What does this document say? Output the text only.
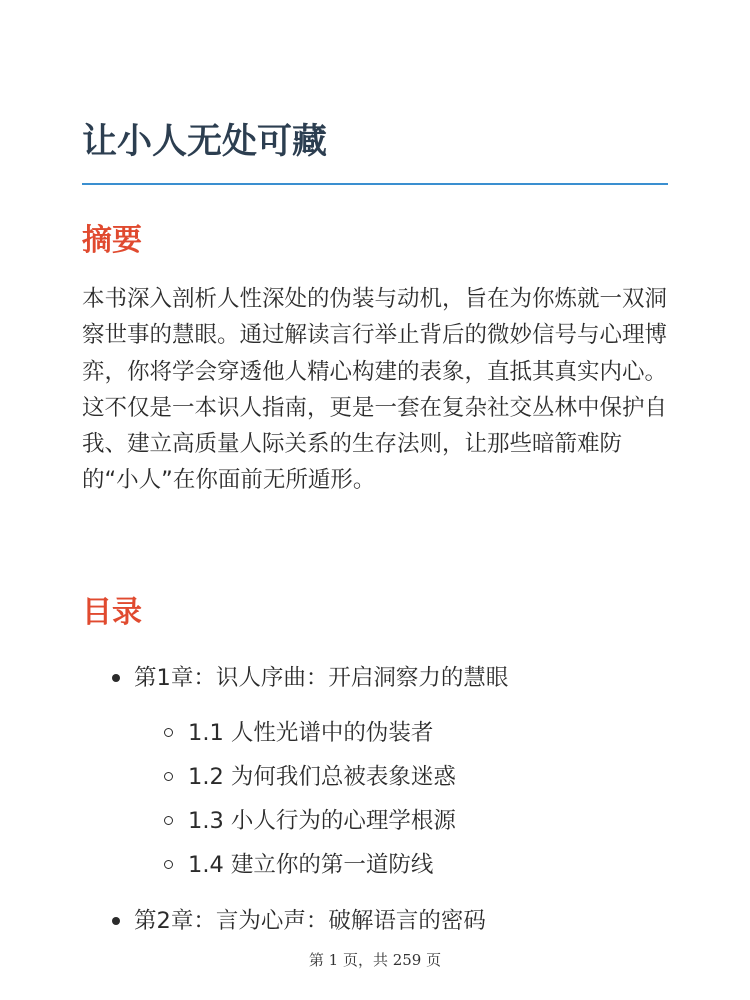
让小人无处可藏
摘要

本书深入剖析人性深处的伪装与动机，旨在为你炼就一双洞察世事的慧眼。通过解读言行举止背后的微妙信号与心理博弈，你将学会穿透他人精心构建的表象，直抵其真实内心。这不仅是一本识人指南，更是一套在复杂社交丛林中保护自我、建立高质量人际关系的生存法则，让那些暗箭难防的“小人”在你面前无所遁形。

目录
第1章：识人序曲：开启洞察力的慧眼
1.1 人性光谱中的伪装者
1.2 为何我们总被表象迷惑
1.3 小人行为的心理学根源
1.4 建立你的第一道防线
第2章：言为心声：破解语言的密码
第 1 页，共 259 页
